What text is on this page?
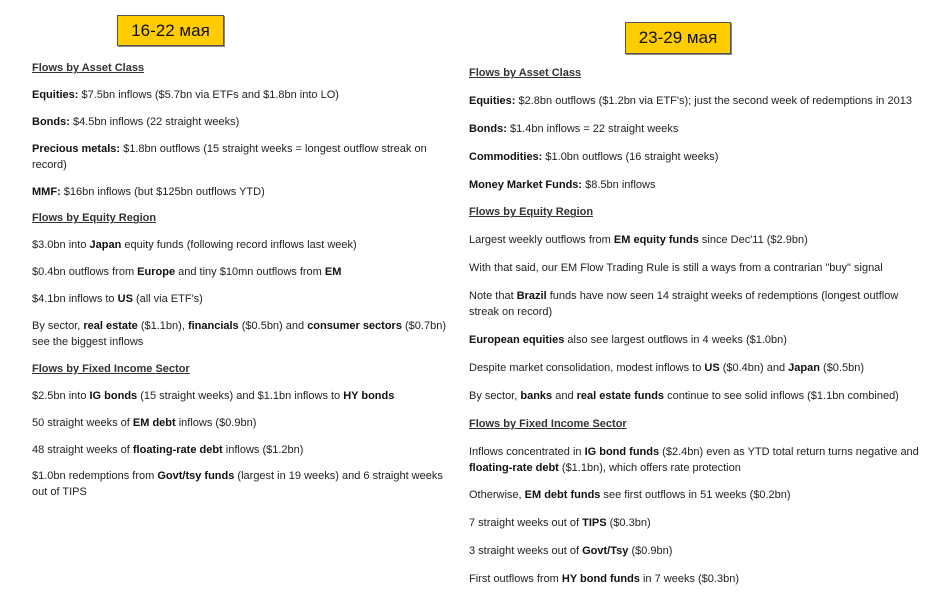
16-22 мая	23-29 мая

Flows by Asset Class

Equities: $7.5bn inflows ($5.7bn via ETFs and $1.8bn into LO)

Bonds: $4.5bn inflows (22 straight weeks)

Precious metals: $1.8bn outflows (15 straight weeks = longest outflow streak on record)

MMF: $16bn inflows (but $125bn outflows YTD)

Flows by Equity Region

$3.0bn into Japan equity funds (following record inflows last week)

$0.4bn outflows from Europe and tiny $10mn outflows from EM

$4.1bn inflows to US (all via ETF's)

By sector, real estate ($1.1bn), financials ($0.5bn) and consumer sectors ($0.7bn) see the biggest inflows

Flows by Fixed Income Sector

$2.5bn into IG bonds (15 straight weeks) and $1.1bn inflows to HY bonds

50 straight weeks of EM debt inflows ($0.9bn)

48 straight weeks of floating-rate debt inflows ($1.2bn)

$1.0bn redemptions from Govt/tsy funds (largest in 19 weeks) and 6 straight weeks out of TIPS

Flows by Asset Class

Equities: $2.8bn outflows ($1.2bn via ETF's); just the second week of redemptions in 2013

Bonds: $1.4bn inflows = 22 straight weeks

Commodities: $1.0bn outflows (16 straight weeks)

Money Market Funds: $8.5bn inflows

Flows by Equity Region

Largest weekly outflows from EM equity funds since Dec'11 ($2.9bn)

With that said, our EM Flow Trading Rule is still a ways from a contrarian "buy" signal

Note that Brazil funds have now seen 14 straight weeks of redemptions (longest outflow streak on record)

European equities also see largest outflows in 4 weeks ($1.0bn)

Despite market consolidation, modest inflows to US ($0.4bn) and Japan ($0.5bn)

By sector, banks and real estate funds continue to see solid inflows ($1.1bn combined)

Flows by Fixed Income Sector

Inflows concentrated in IG bond funds ($2.4bn) even as YTD total return turns negative and floating-rate debt ($1.1bn), which offers rate protection

Otherwise, EM debt funds see first outflows in 51 weeks ($0.2bn)

7 straight weeks out of TIPS ($0.3bn)

3 straight weeks out of Govt/Tsy ($0.9bn)

First outflows from HY bond funds in 7 weeks ($0.3bn)
